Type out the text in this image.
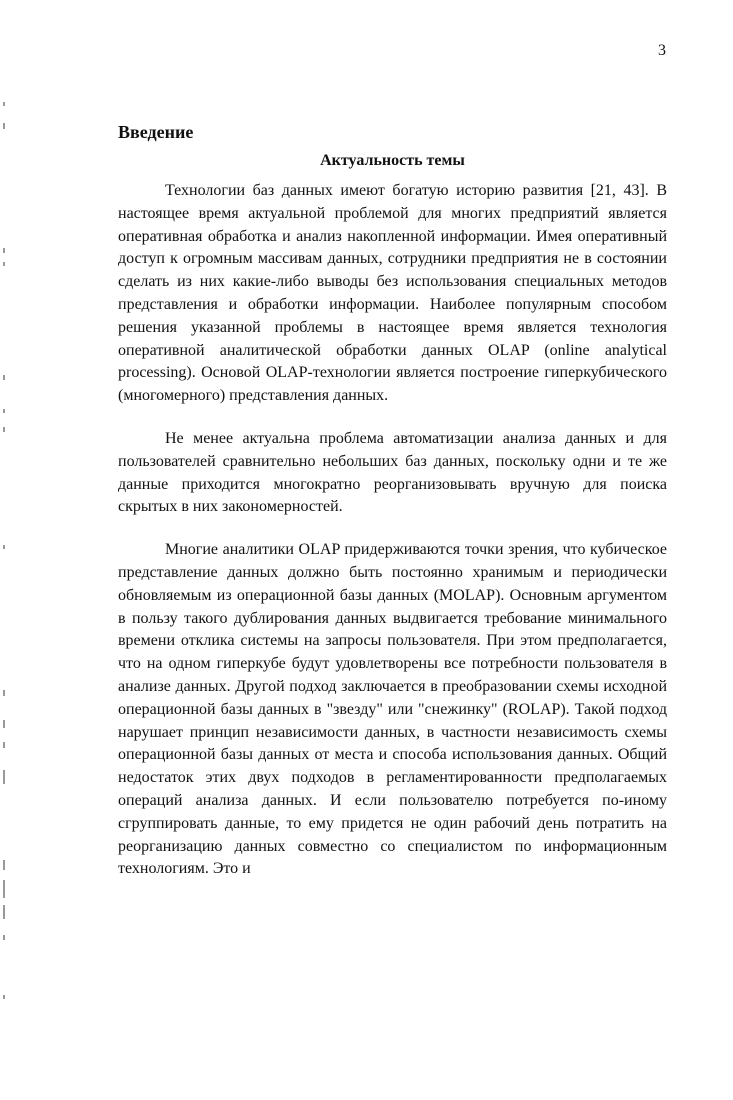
3
Введение
Актуальность темы

Технологии баз данных имеют богатую историю развития [21, 43]. В настоящее время актуальной проблемой для многих предприятий является оперативная обработка и анализ накопленной информации. Имея оперативный доступ к огромным массивам данных, сотрудники предприятия не в состоянии сделать из них какие-либо выводы без использования специальных методов представления и обработки информации. Наиболее популярным способом решения указанной проблемы в настоящее время является технология оперативной аналитической обработки данных OLAP (online analytical processing). Основой OLAP-технологии является построение гиперкубического (многомерного) представления данных.

Не менее актуальна проблема автоматизации анализа данных и для пользователей сравнительно небольших баз данных, поскольку одни и те же данные приходится многократно реорганизовывать вручную для поиска скрытых в них закономерностей.

Многие аналитики OLAP придерживаются точки зрения, что кубическое представление данных должно быть постоянно хранимым и периодически обновляемым из операционной базы данных (MOLAP). Основным аргументом в пользу такого дублирования данных выдвигается требование минимального времени отклика системы на запросы пользователя. При этом предполагается, что на одном гиперкубе будут удовлетворены все потребности пользователя в анализе данных. Другой подход заключается в преобразовании схемы исходной операционной базы данных в "звезду" или "снежинку" (ROLAP). Такой подход нарушает принцип независимости данных, в частности независимость схемы операционной базы данных от места и способа использования данных. Общий недостаток этих двух подходов в регламентированности предполагаемых операций анализа данных. И если пользователю потребуется по-иному сгруппировать данные, то ему придется не один рабочий день потратить на реорганизацию данных совместно со специалистом по информационным технологиям. Это и
